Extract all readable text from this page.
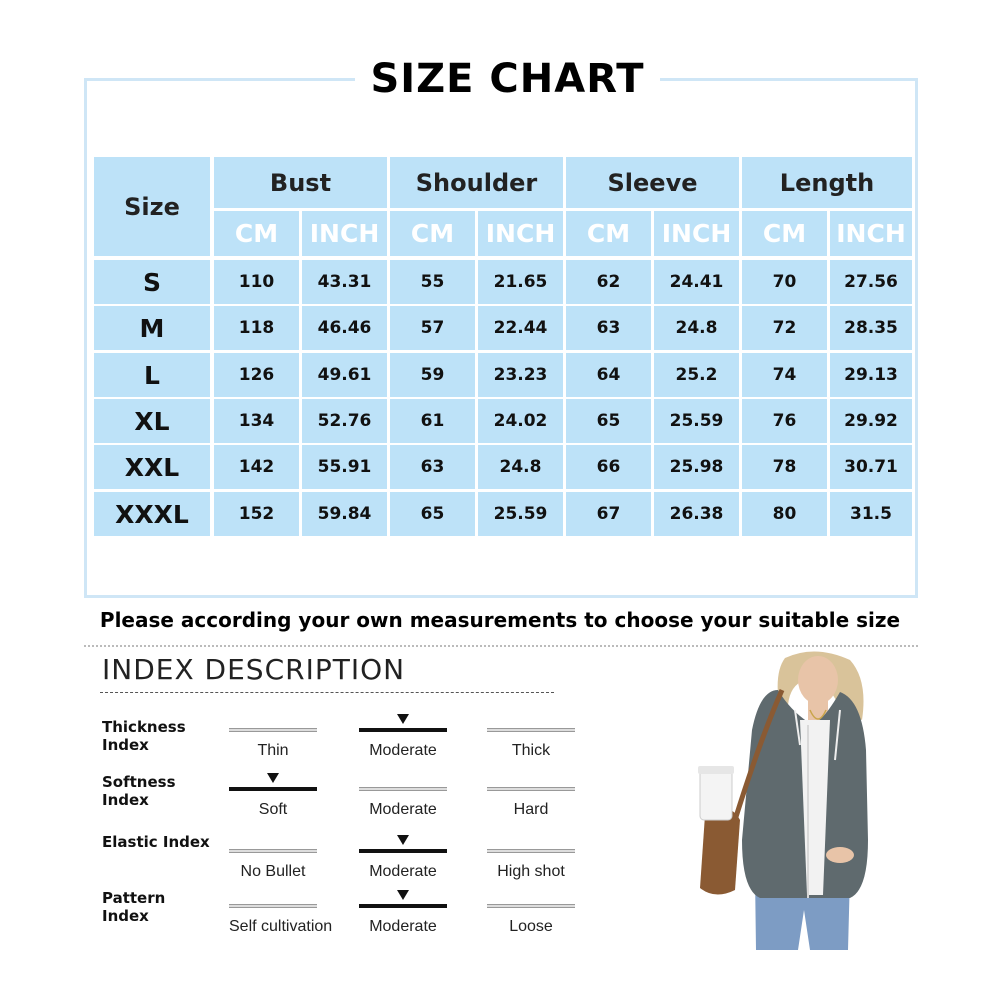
SIZE CHART
Size
Bust
CM	INCH
Shoulder
CM	INCH
Sleeve
CM	INCH
Length
CM	INCH
S	110	43.31	55	21.65	62	24.41	70	27.56
M	118	46.46	57	22.44	63	24.8	72	28.35
L	126	49.61	59	23.23	64	25.2	74	29.13
XL	134	52.76	61	24.02	65	25.59	76	29.92
XXL	142	55.91	63	24.8	66	25.98	78	30.71
XXXL	152	59.84	65	25.59	67	26.38	80	31.5
Please according your own measurements to choose your suitable size
INDEX DESCRIPTION
Thickness Index	Thin	Moderate	Thick
Softness Index
Soft	Moderate	Hard
Elastic Index
No Bullet	Moderate	High shot
Pattern Index
Self cultivation	Moderate	Loose
